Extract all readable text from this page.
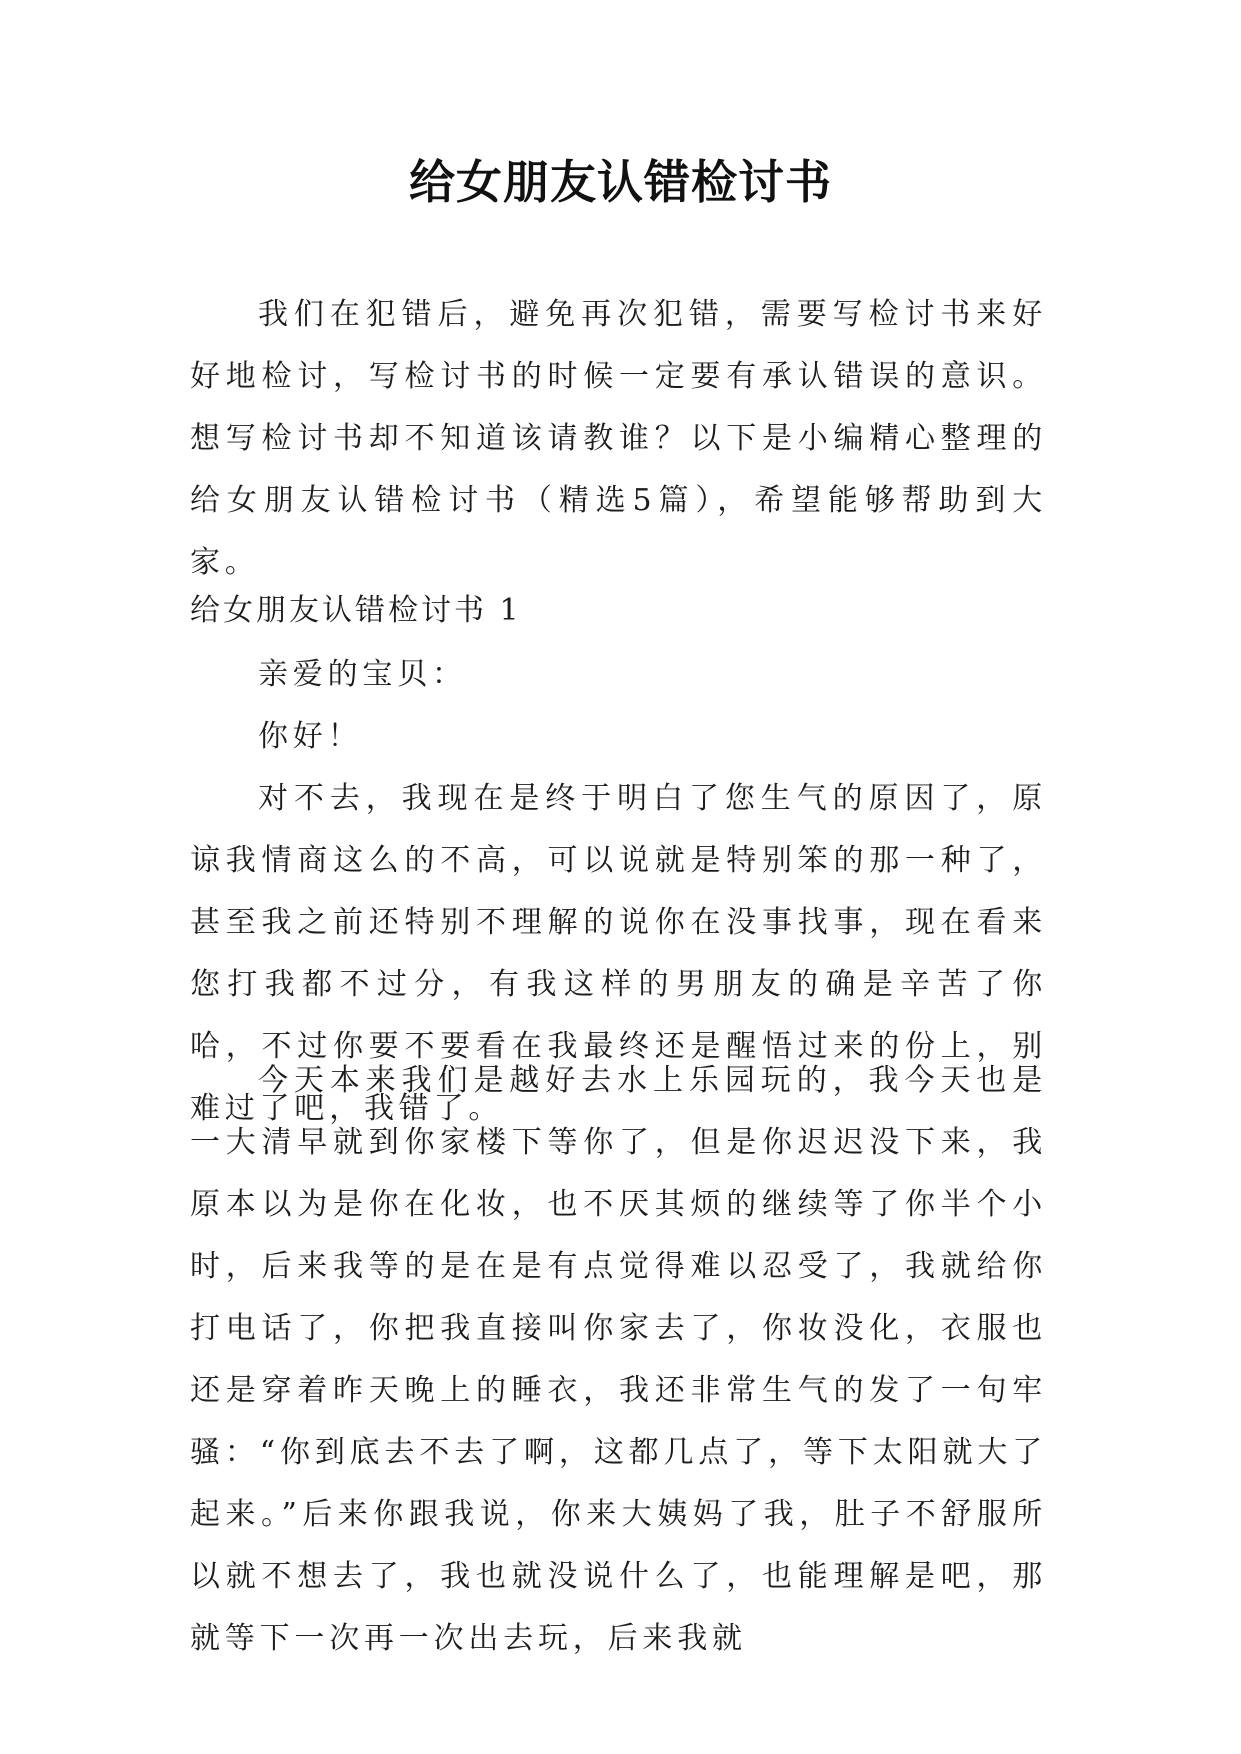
给女朋友认错检讨书

我们在犯错后，避免再次犯错，需要写检讨书来好好地检讨，写检讨书的时候一定要有承认错误的意识。想写检讨书却不知道该请教谁？以下是小编精心整理的给女朋友认错检讨书（精选5篇），希望能够帮助到大家。

给女朋友认错检讨书 1

亲爱的宝贝：

你好！

对不去，我现在是终于明白了您生气的原因了，原谅我情商这么的不高，可以说就是特别笨的那一种了，甚至我之前还特别不理解的说你在没事找事，现在看来您打我都不过分，有我这样的男朋友的确是辛苦了你哈，不过你要不要看在我最终还是醒悟过来的份上，别难过了吧，我错了。

今天本来我们是越好去水上乐园玩的，我今天也是一大清早就到你家楼下等你了，但是你迟迟没下来，我原本以为是你在化妆，也不厌其烦的继续等了你半个小时，后来我等的是在是有点觉得难以忍受了，我就给你打电话了，你把我直接叫你家去了，你妆没化，衣服也还是穿着昨天晚上的睡衣，我还非常生气的发了一句牢骚：“你到底去不去了啊，这都几点了，等下太阳就大了起来。”后来你跟我说，你来大姨妈了我，肚子不舒服所以就不想去了，我也就没说什么了，也能理解是吧，那就等下一次再一次出去玩，后来我就
